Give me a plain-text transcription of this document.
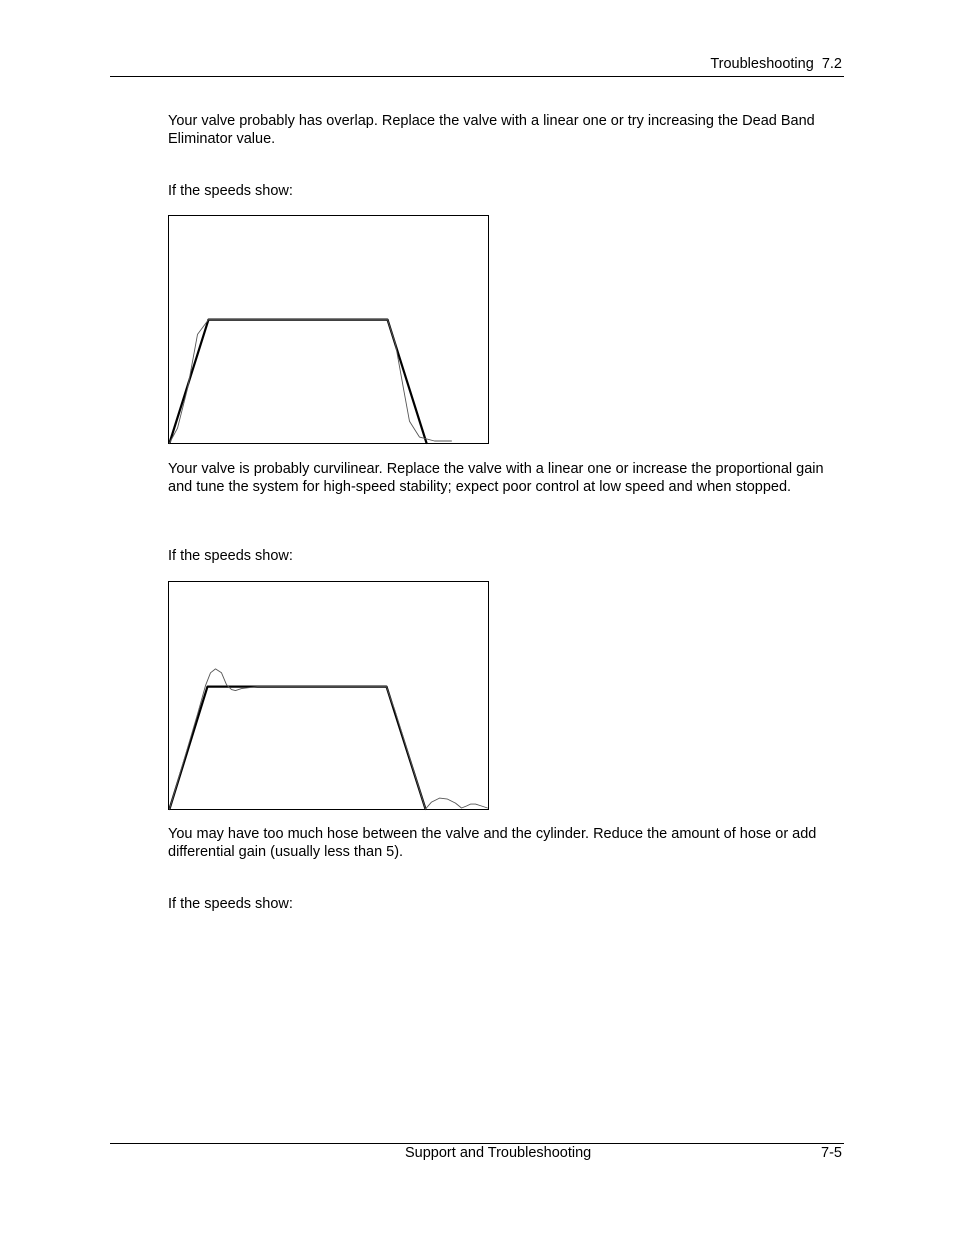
Troubleshooting  7.2

Your valve probably has overlap. Replace the valve with a linear one or try increasing the Dead Band Eliminator value.

If the speeds show:

Your valve is probably curvilinear. Replace the valve with a linear one or increase the proportional gain and tune the system for high-speed stability; expect poor control at low speed and when stopped.

If the speeds show:

You may have too much hose between the valve and the cylinder. Reduce the amount of hose or add differential gain (usually less than 5).

If the speeds show:

Support and Troubleshooting	7-5
